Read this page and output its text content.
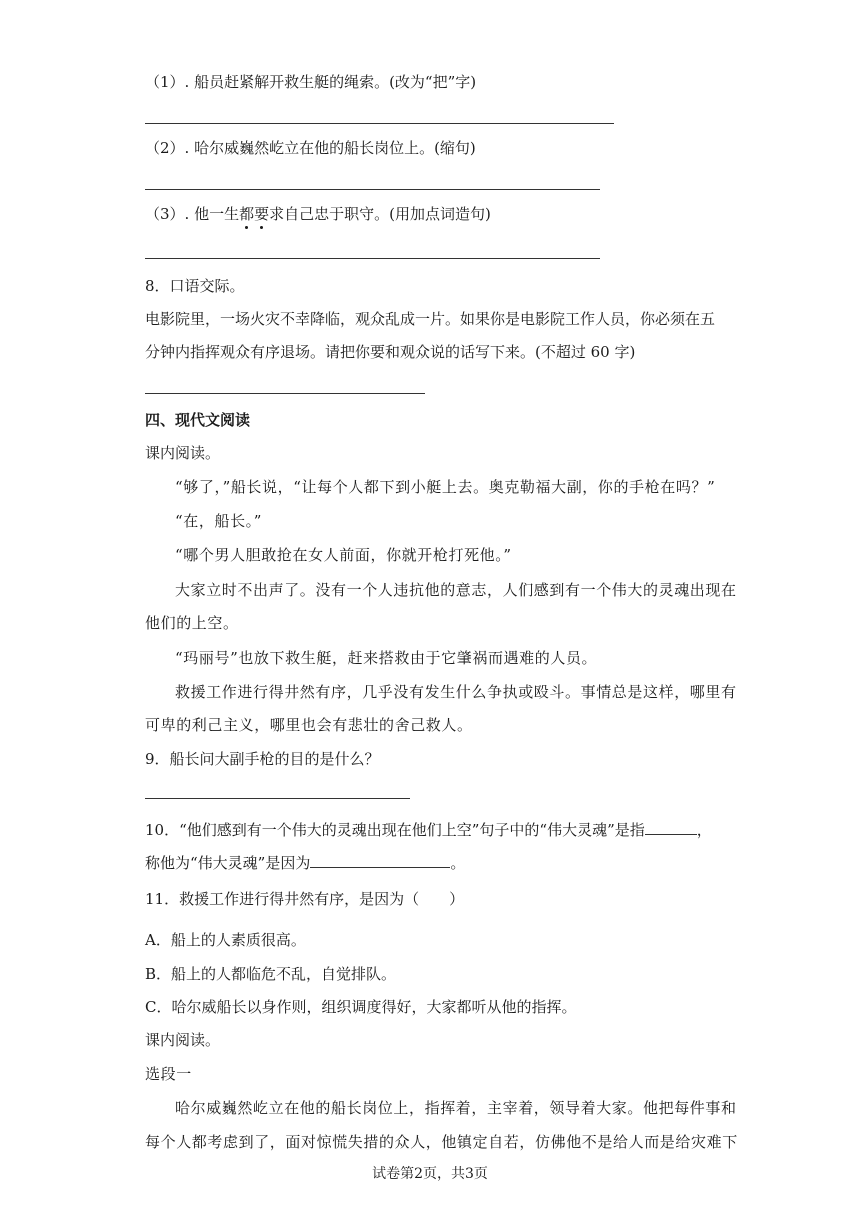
（1）. 船员赶紧解开救生艇的绳索。(改为“把”字)
（2）. 哈尔威巍然屹立在他的船长岗位上。(缩句)
（3）. 他一生都要求自己忠于职守。(用加点词造句)
8．口语交际。
电影院里，一场火灾不幸降临，观众乱成一片。如果你是电影院工作人员，你必须在五
分钟内指挥观众有序退场。请把你要和观众说的话写下来。(不超过 60 字)
四、现代文阅读
课内阅读。
“够了，”船长说，“让每个人都下到小艇上去。奥克勒福大副，你的手枪在吗？”
“在，船长。”
“哪个男人胆敢抢在女人前面，你就开枪打死他。”
大家立时不出声了。没有一个人违抗他的意志，人们感到有一个伟大的灵魂出现在
他们的上空。
“玛丽号”也放下救生艇，赶来搭救由于它肇祸而遇难的人员。
救援工作进行得井然有序，几乎没有发生什么争执或殴斗。事情总是这样，哪里有
可卑的利己主义，哪里也会有悲壮的舍己救人。
9．船长问大副手枪的目的是什么？
10．“他们感到有一个伟大的灵魂出现在他们上空”句子中的“伟大灵魂”是指	，
称他为“伟大灵魂”是因为	。
11．救援工作进行得井然有序，是因为（　　）
A．船上的人素质很高。
B．船上的人都临危不乱，自觉排队。
C．哈尔威船长以身作则，组织调度得好，大家都听从他的指挥。
课内阅读。
选段一
哈尔威巍然屹立在他的船长岗位上，指挥着，主宰着，领导着大家。他把每件事和
每个人都考虑到了，面对惊慌失措的众人，他镇定自若，仿佛他不是给人而是给灾难下
试卷第2页，共3页
